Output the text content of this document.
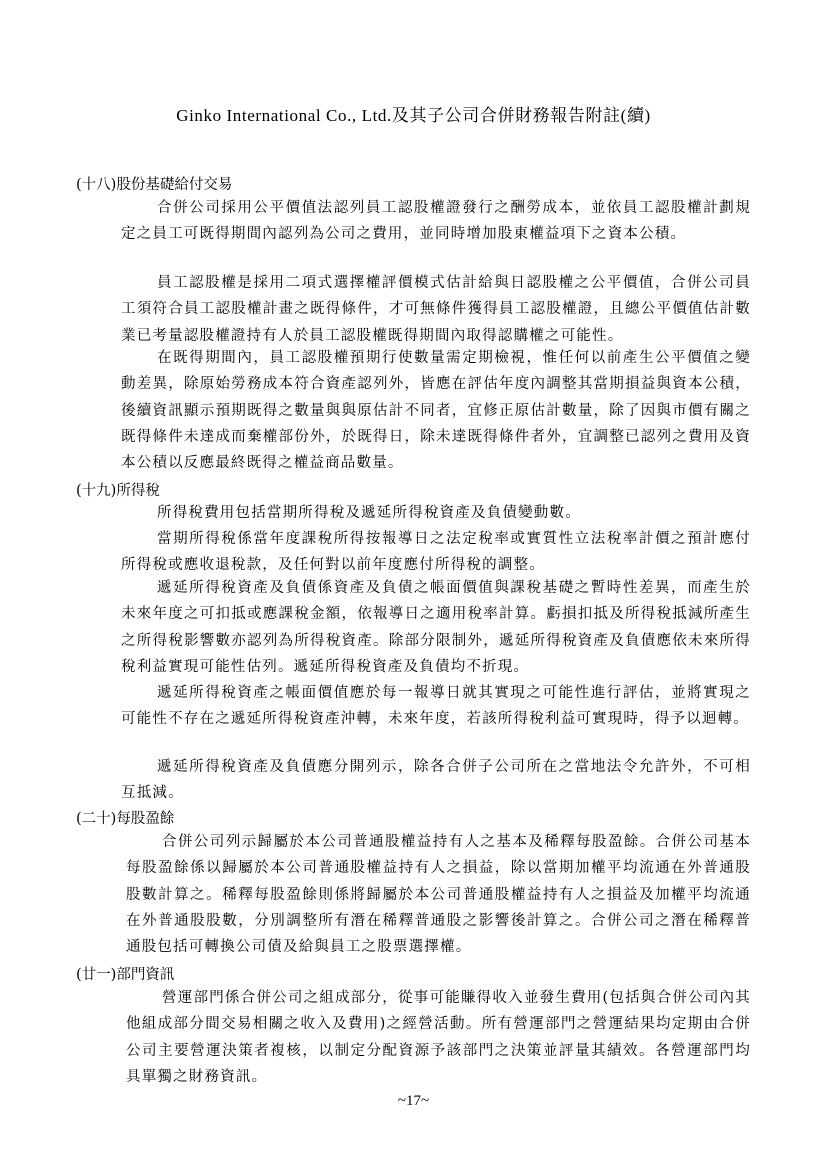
Ginko International Co., Ltd.及其子公司合併財務報告附註(續)
(十八)股份基礎給付交易
合併公司採用公平價值法認列員工認股權證發行之酬勞成本，並依員工認股權計劃規定之員工可既得期間內認列為公司之費用，並同時增加股東權益項下之資本公積。
員工認股權是採用二項式選擇權評價模式估計給與日認股權之公平價值，合併公司員工須符合員工認股權計畫之既得條件，才可無條件獲得員工認股權證，且總公平價值估計數業已考量認股權證持有人於員工認股權既得期間內取得認購權之可能性。
在既得期間內，員工認股權預期行使數量需定期檢視，惟任何以前產生公平價值之變動差異，除原始勞務成本符合資產認列外，皆應在評估年度內調整其當期損益與資本公積，後續資訊顯示預期既得之數量與與原估計不同者，宜修正原估計數量，除了因與市價有關之既得條件未達成而棄權部份外，於既得日，除未達既得條件者外，宜調整已認列之費用及資本公積以反應最終既得之權益商品數量。
(十九)所得稅
所得稅費用包括當期所得稅及遞延所得稅資產及負債變動數。
當期所得稅係當年度課稅所得按報導日之法定稅率或實質性立法稅率計價之預計應付所得稅或應收退稅款，及任何對以前年度應付所得稅的調整。
遞延所得稅資產及負債係資產及負債之帳面價值與課稅基礎之暫時性差異，而產生於未來年度之可扣抵或應課稅金額，依報導日之適用稅率計算。虧損扣抵及所得稅抵減所產生之所得稅影響數亦認列為所得稅資產。除部分限制外，遞延所得稅資產及負債應依未來所得稅利益實現可能性估列。遞延所得稅資產及負債均不折現。
遞延所得稅資產之帳面價值應於每一報導日就其實現之可能性進行評估，並將實現之可能性不存在之遞延所得稅資產沖轉，未來年度，若該所得稅利益可實現時，得予以迴轉。
遞延所得稅資產及負債應分開列示，除各合併子公司所在之當地法令允許外，不可相互抵減。
(二十)每股盈餘
合併公司列示歸屬於本公司普通股權益持有人之基本及稀釋每股盈餘。合併公司基本每股盈餘係以歸屬於本公司普通股權益持有人之損益，除以當期加權平均流通在外普通股股數計算之。稀釋每股盈餘則係將歸屬於本公司普通股權益持有人之損益及加權平均流通在外普通股股數，分別調整所有潛在稀釋普通股之影響後計算之。合併公司之潛在稀釋普通股包括可轉換公司債及給與員工之股票選擇權。
(廿一)部門資訊
營運部門係合併公司之組成部分，從事可能賺得收入並發生費用(包括與合併公司內其他組成部分間交易相關之收入及費用)之經營活動。所有營運部門之營運結果均定期由合併公司主要營運決策者複核，以制定分配資源予該部門之決策並評量其績效。各營運部門均具單獨之財務資訊。
~17~
